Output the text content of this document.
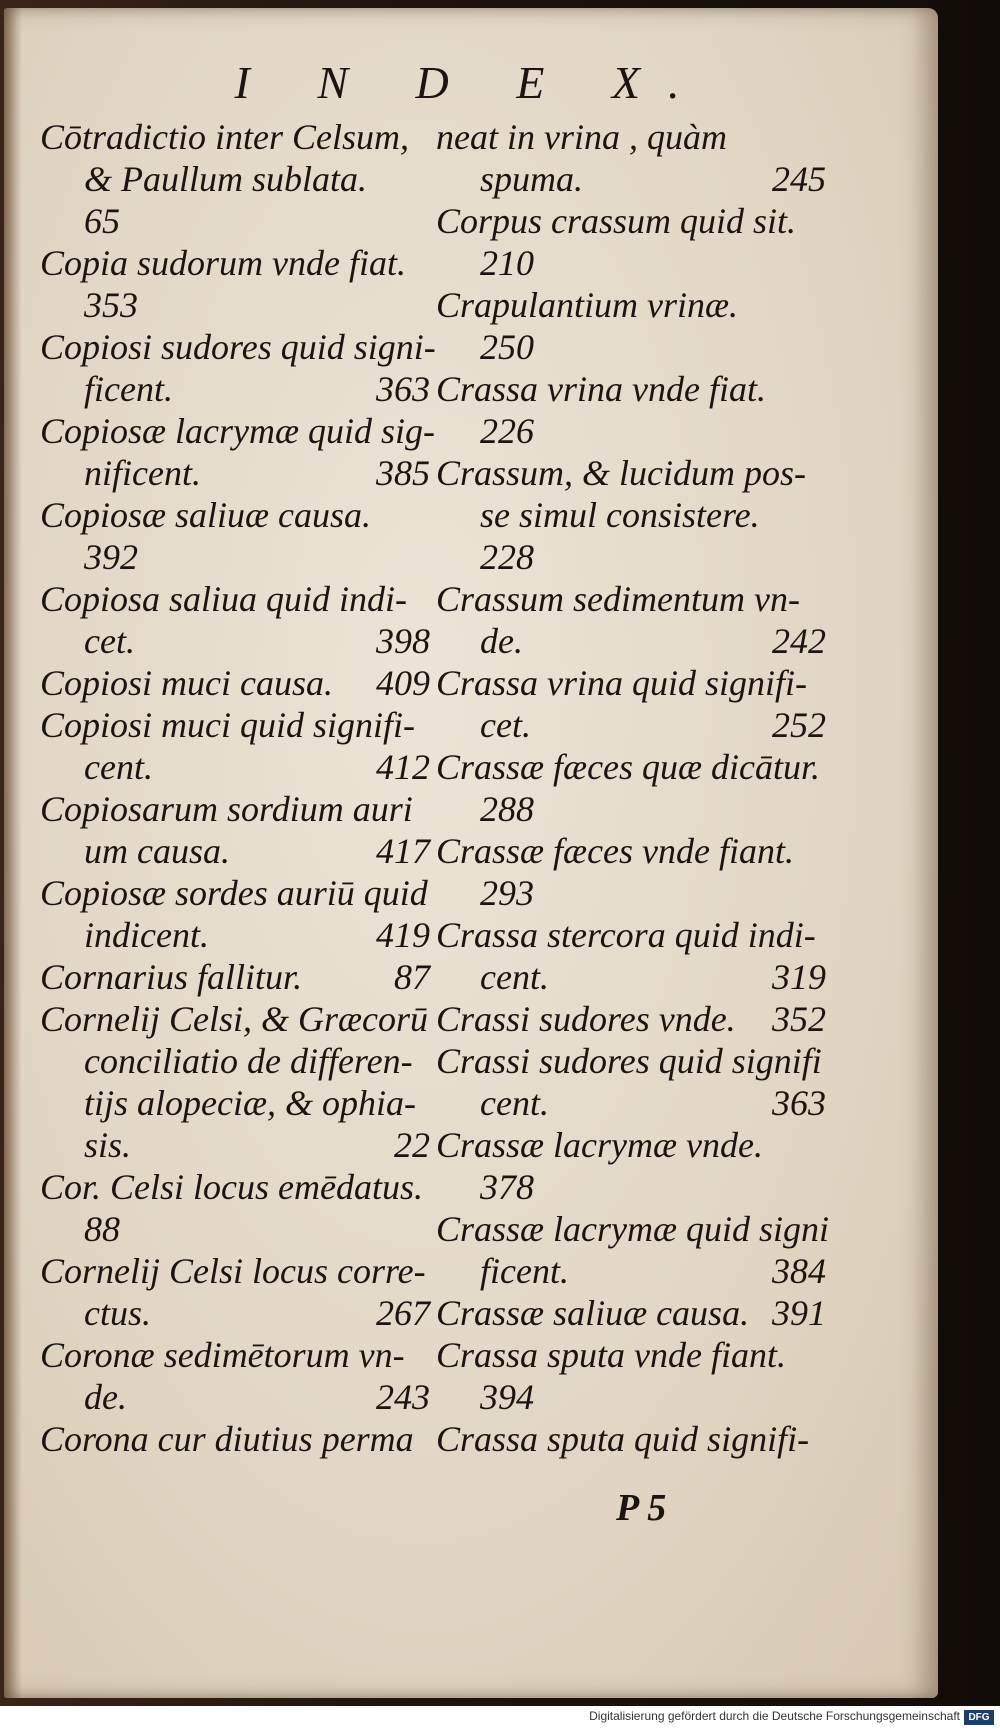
I N D E X.
Cōtradictio inter Celsum, & Paullum sublata.
65
Copia sudorum vnde fiat.
353
Copiosi sudores quid signi- ficent.	363
Copiosæ lacrymæ quid sig- nificent.	385
Copiosæ saliuæ causa.
392
Copiosa saliua quid indi- cet.	398
Copiosi muci causa.	409
Copiosi muci quid signifi- cent.	412
Copiosarum sordium auri um causa.	417
Copiosæ sordes auriū quid indicent.	419
Cornarius fallitur.	87
Cornelij Celsi, & Græcorū conciliatio de differen- tijs alopeciæ, & ophia- sis.	22
Cor. Celsi locus emēdatus.
88
Cornelij Celsi locus corre- ctus.	267
Coronæ sedimētorum vn- de.	243
Corona cur diutius perma
neat in vrina , quàm spuma.	245
Corpus crassum quid sit.
210
Crapulantium vrinæ.
250
Crassa vrina vnde fiat.
226
Crassum, & lucidum pos- se simul consistere.
228
Crassum sedimentum vn- de.	242
Crassa vrina quid signifi- cet.	252
Crassæ fæces quæ dicātur.
288
Crassæ fæces vnde fiant.
293
Crassa stercora quid indi- cent.	319
Crassi sudores vnde.	352
Crassi sudores quid signifi cent.	363
Crassæ lacrymæ vnde.
378
Crassæ lacrymæ quid signi ficent.	384
Crassæ saliuæ causa. 391
Crassa sputa vnde fiant.
394
Crassa sputa quid signifi-
P 5
Digitalisierung gefördert durch die Deutsche Forschungsgemeinschaft DFG
